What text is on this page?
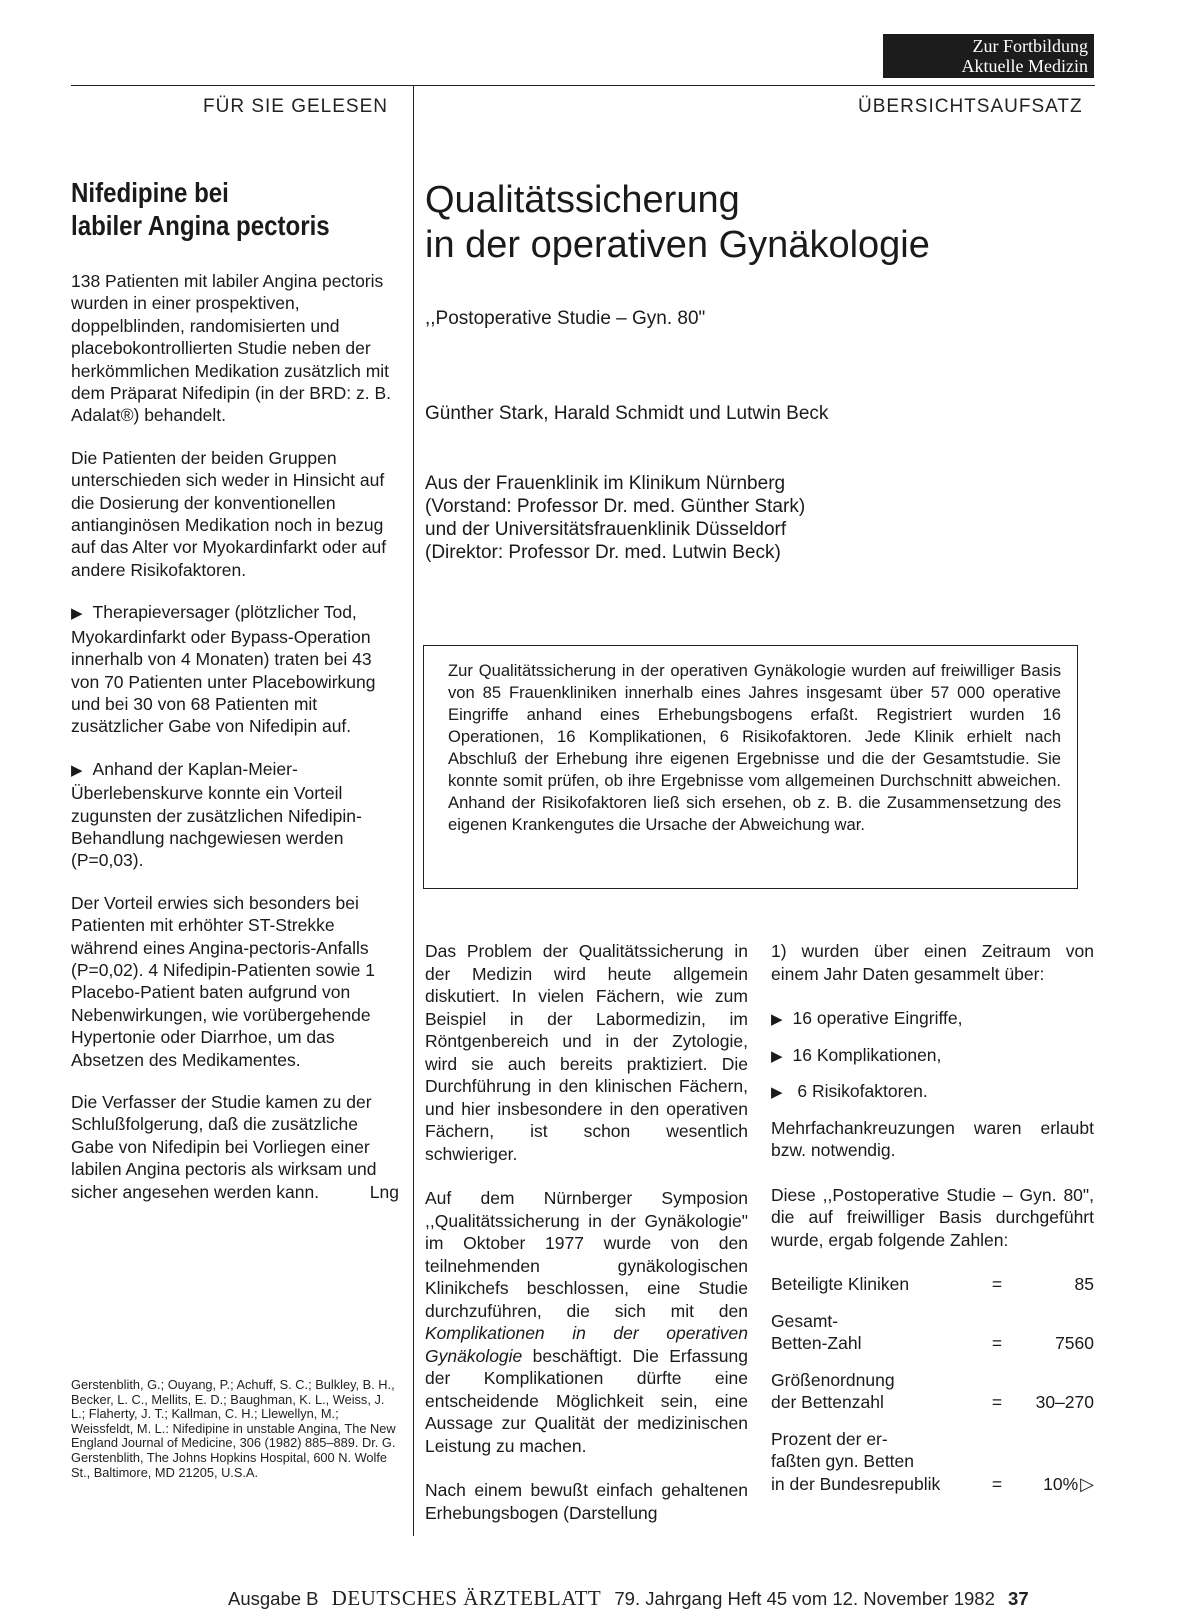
Zur Fortbildung
Aktuelle Medizin
FÜR SIE GELESEN	ÜBERSICHTSAUFSATZ
Nifedipine bei
labiler Angina pectoris

138 Patienten mit labiler Angina pectoris wurden in einer prospektiven, doppelblinden, randomisierten und placebokontrollierten Studie neben der herkömmlichen Medikation zusätzlich mit dem Präparat Nifedipin (in der BRD: z. B. Adalat®) behandelt.

Die Patienten der beiden Gruppen unterschieden sich weder in Hinsicht auf die Dosierung der konventionellen antianginösen Medikation noch in bezug auf das Alter vor Myokardinfarkt oder auf andere Risikofaktoren.

▶ Therapieversager (plötzlicher Tod, Myokardinfarkt oder Bypass-Operation innerhalb von 4 Monaten) traten bei 43 von 70 Patienten unter Placebowirkung und bei 30 von 68 Patienten mit zusätzlicher Gabe von Nifedipin auf.

▶ Anhand der Kaplan-Meier-Überlebenskurve konnte ein Vorteil zugunsten der zusätzlichen Nifedipin-Behandlung nachgewiesen werden (P=0,03).

Der Vorteil erwies sich besonders bei Patienten mit erhöhter ST-Strekke während eines Angina-pectoris-Anfalls (P=0,02). 4 Nifedipin-Patienten sowie 1 Placebo-Patient baten aufgrund von Nebenwirkungen, wie vorübergehende Hypertonie oder Diarrhoe, um das Absetzen des Medikamentes.

Die Verfasser der Studie kamen zu der Schlußfolgerung, daß die zusätzliche Gabe von Nifedipin bei Vorliegen einer labilen Angina pectoris als wirksam und sicher angesehen werden kann.	Lng

Gerstenblith, G.; Ouyang, P.; Achuff, S. C.; Bulkley, B. H., Becker, L. C., Mellits, E. D.; Baughman, K. L., Weiss, J. L.; Flaherty, J. T.; Kallman, C. H.; Llewellyn, M.; Weissfeldt, M. L.: Nifedipine in unstable Angina, The New England Journal of Medicine, 306 (1982) 885–889. Dr. G. Gerstenblith, The Johns Hopkins Hospital, 600 N. Wolfe St., Baltimore, MD 21205, U.S.A.
Qualitätssicherung
in der operativen Gynäkologie
,,Postoperative Studie – Gyn. 80"
Günther Stark, Harald Schmidt und Lutwin Beck
Aus der Frauenklinik im Klinikum Nürnberg
(Vorstand: Professor Dr. med. Günther Stark)
und der Universitätsfrauenklinik Düsseldorf
(Direktor: Professor Dr. med. Lutwin Beck)
Zur Qualitätssicherung in der operativen Gynäkologie wurden auf freiwilliger Basis von 85 Frauenkliniken innerhalb eines Jahres insgesamt über 57 000 operative Eingriffe anhand eines Erhebungsbogens erfaßt. Registriert wurden 16 Operationen, 16 Komplikationen, 6 Risikofaktoren. Jede Klinik erhielt nach Abschluß der Erhebung ihre eigenen Ergebnisse und die der Gesamtstudie. Sie konnte somit prüfen, ob ihre Ergebnisse vom allgemeinen Durchschnitt abweichen. Anhand der Risikofaktoren ließ sich ersehen, ob z. B. die Zusammensetzung des eigenen Krankengutes die Ursache der Abweichung war.

Das Problem der Qualitätssicherung in der Medizin wird heute allgemein diskutiert. In vielen Fächern, wie zum Beispiel in der Labormedizin, im Röntgenbereich und in der Zytologie, wird sie auch bereits praktiziert. Die Durchführung in den klinischen Fächern, und hier insbesondere in den operativen Fächern, ist schon wesentlich schwieriger.

Auf dem Nürnberger Symposion ,,Qualitätssicherung in der Gynäkologie" im Oktober 1977 wurde von den teilnehmenden gynäkologischen Klinikchefs beschlossen, eine Studie durchzuführen, die sich mit den Komplikationen in der operativen Gynäkologie beschäftigt. Die Erfassung der Komplikationen dürfte eine entscheidende Möglichkeit sein, eine Aussage zur Qualität der medizinischen Leistung zu machen.

Nach einem bewußt einfach gehaltenen Erhebungsbogen (Darstellung

1) wurden über einen Zeitraum von einem Jahr Daten gesammelt über:

▶ 16 operative Eingriffe,
▶ 16 Komplikationen,
▶ 6 Risikofaktoren.

Mehrfachankreuzungen waren erlaubt bzw. notwendig.

Diese ,,Postoperative Studie – Gyn. 80", die auf freiwilliger Basis durchgeführt wurde, ergab folgende Zahlen:

Beteiligte Kliniken	=	85
Gesamt-
Betten-Zahl	=	7560
Größenordnung
der Bettenzahl	=	30–270
Prozent der er-
faßten gyn. Betten
in der Bundesrepublik	=	10% ▷
Ausgabe B DEUTSCHES ÄRZTEBLATT 79. Jahrgang Heft 45 vom 12. November 1982 37
